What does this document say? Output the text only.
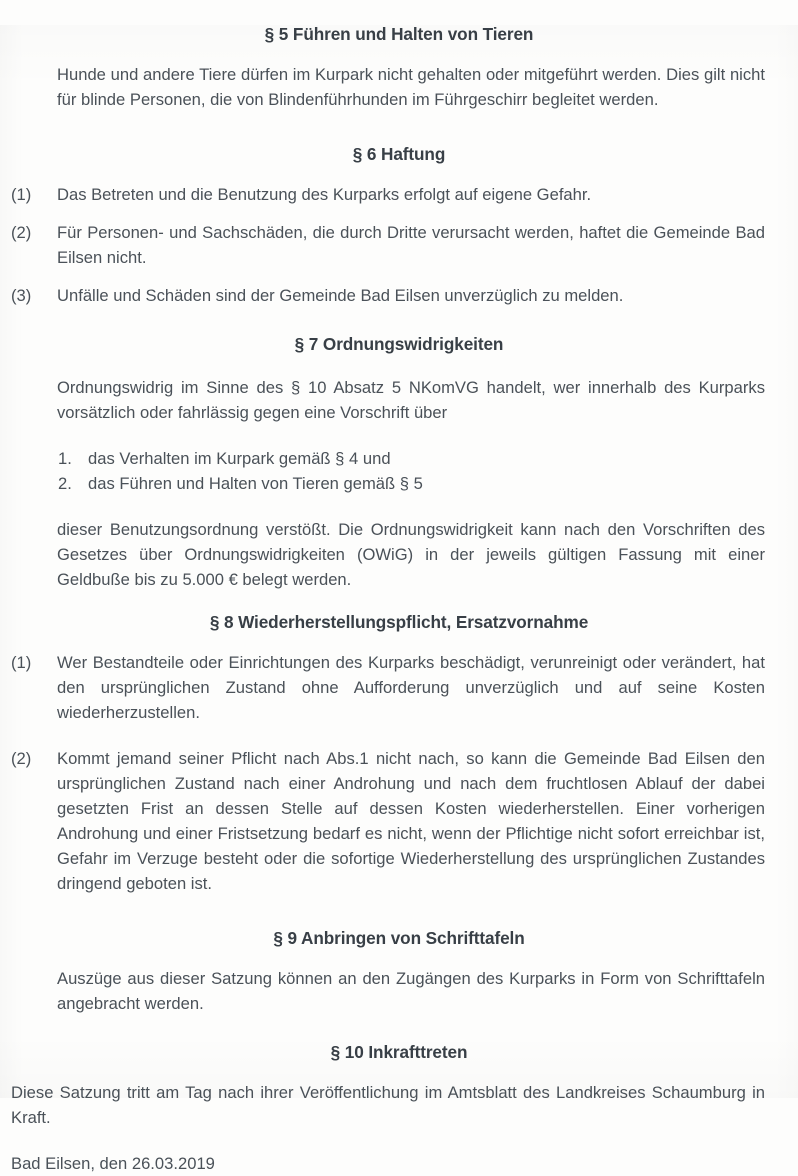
§ 5 Führen und Halten von Tieren
Hunde und andere Tiere dürfen im Kurpark nicht gehalten oder mitgeführt werden. Dies gilt nicht für blinde Personen, die von Blindenführhunden im Führgeschirr begleitet werden.
§ 6 Haftung
(1)	Das Betreten und die Benutzung des Kurparks erfolgt auf eigene Gefahr.
(2)	Für Personen- und Sachschäden, die durch Dritte verursacht werden, haftet die Gemeinde Bad Eilsen nicht.
(3)	Unfälle und Schäden sind der Gemeinde Bad Eilsen unverzüglich zu melden.
§ 7 Ordnungswidrigkeiten
Ordnungswidrig im Sinne des § 10 Absatz 5 NKomVG handelt, wer innerhalb des Kurparks vorsätzlich oder fahrlässig gegen eine Vorschrift über
1. das Verhalten im Kurpark gemäß § 4 und
2. das Führen und Halten von Tieren gemäß § 5
dieser Benutzungsordnung verstößt. Die Ordnungswidrigkeit kann nach den Vorschriften des Gesetzes über Ordnungswidrigkeiten (OWiG) in der jeweils gültigen Fassung mit einer Geldbuße bis zu 5.000 € belegt werden.
§ 8 Wiederherstellungspflicht, Ersatzvornahme
(1)	Wer Bestandteile oder Einrichtungen des Kurparks beschädigt, verunreinigt oder verändert, hat den ursprünglichen Zustand ohne Aufforderung unverzüglich und auf seine Kosten wiederherzustellen.
(2)	Kommt jemand seiner Pflicht nach Abs.1 nicht nach, so kann die Gemeinde Bad Eilsen den ursprünglichen Zustand nach einer Androhung und nach dem fruchtlosen Ablauf der dabei gesetzten Frist an dessen Stelle auf dessen Kosten wiederherstellen. Einer vorherigen Androhung und einer Fristsetzung bedarf es nicht, wenn der Pflichtige nicht sofort erreichbar ist, Gefahr im Verzuge besteht oder die sofortige Wiederherstellung des ursprünglichen Zustandes dringend geboten ist.
§ 9 Anbringen von Schrifttafeln
Auszüge aus dieser Satzung können an den Zugängen des Kurparks in Form von Schrifttafeln angebracht werden.
§ 10 Inkrafttreten
Diese Satzung tritt am Tag nach ihrer Veröffentlichung im Amtsblatt des Landkreises Schaumburg in Kraft.
Bad Eilsen, den 26.03.2019
